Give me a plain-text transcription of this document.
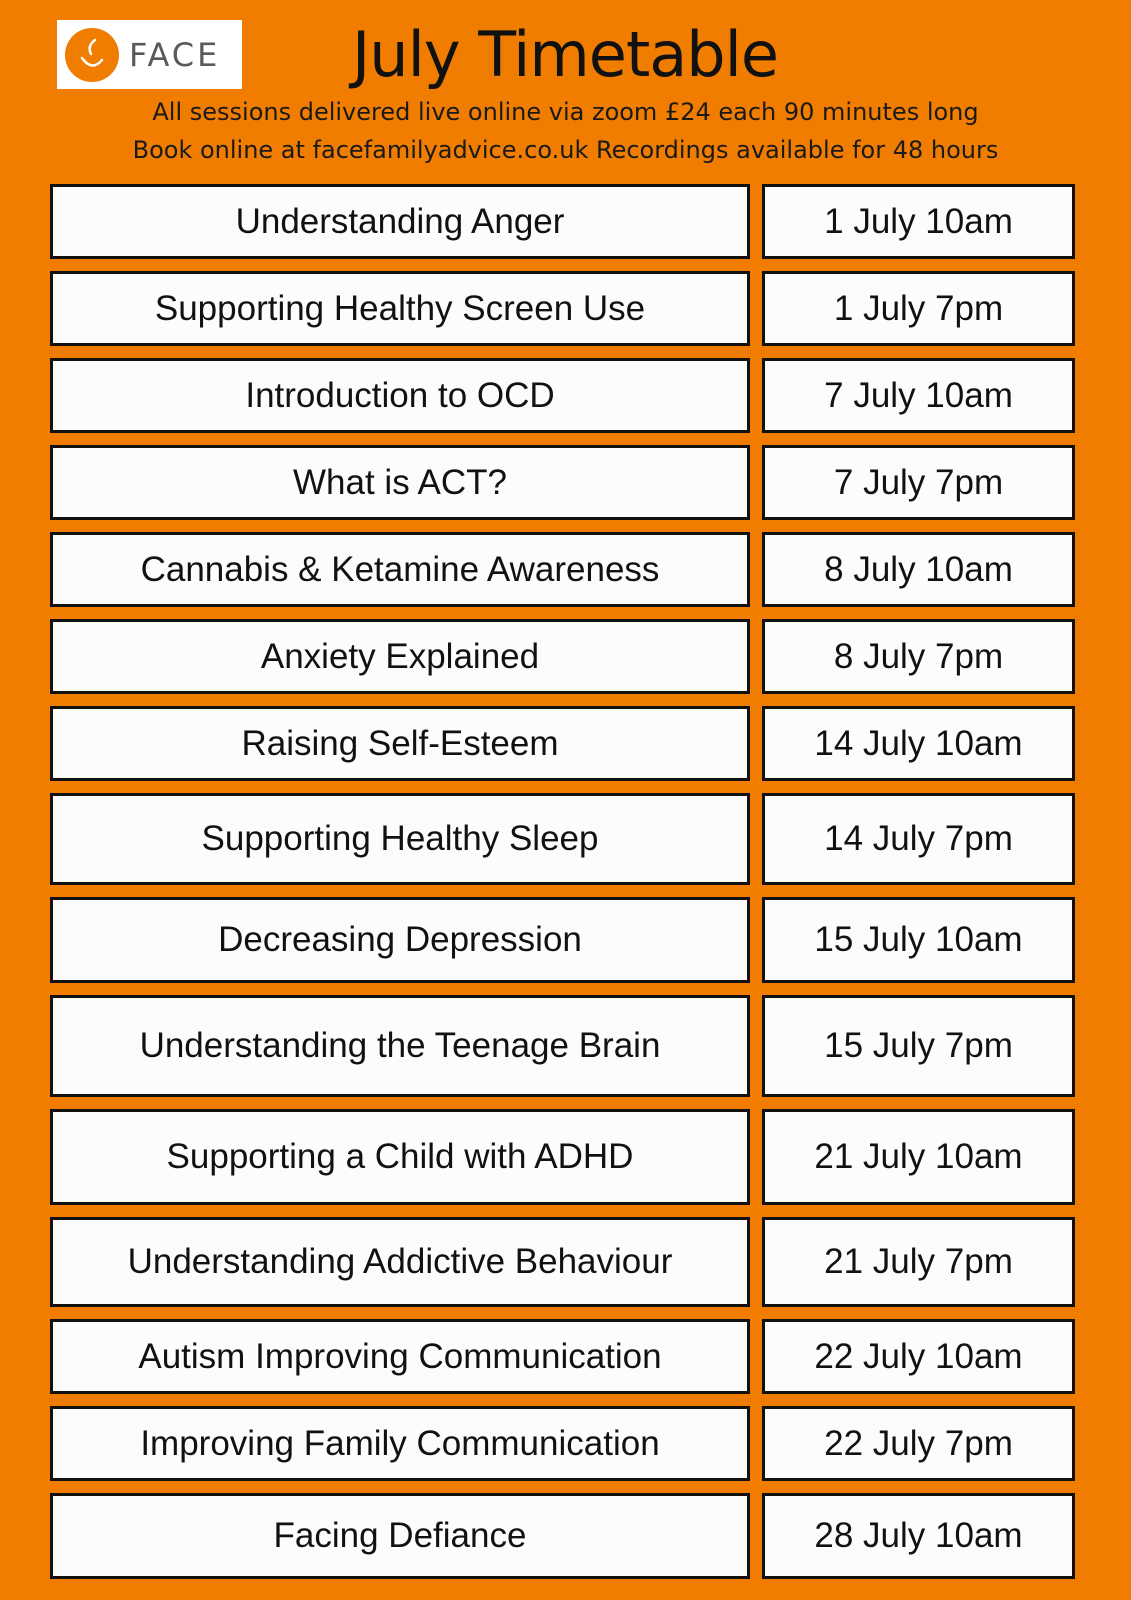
FACE	July Timetable

All sessions delivered live online via zoom £24 each 90 minutes long

Book online at facefamilyadvice.co.uk Recordings available for 48 hours

Understanding Anger	1 July 10am
Supporting Healthy Screen Use	1 July 7pm
Introduction to OCD	7 July 10am
What is ACT?	7 July 7pm
Cannabis & Ketamine Awareness	8 July 10am
Anxiety Explained	8 July 7pm
Raising Self-Esteem	14 July 10am
Supporting Healthy Sleep	14 July 7pm
Decreasing Depression	15 July 10am
Understanding the Teenage Brain	15 July 7pm
Supporting a Child with ADHD	21 July 10am
Understanding Addictive Behaviour	21 July 7pm
Autism Improving Communication	22 July 10am
Improving Family Communication	22 July 7pm
Facing Defiance	28 July 10am
